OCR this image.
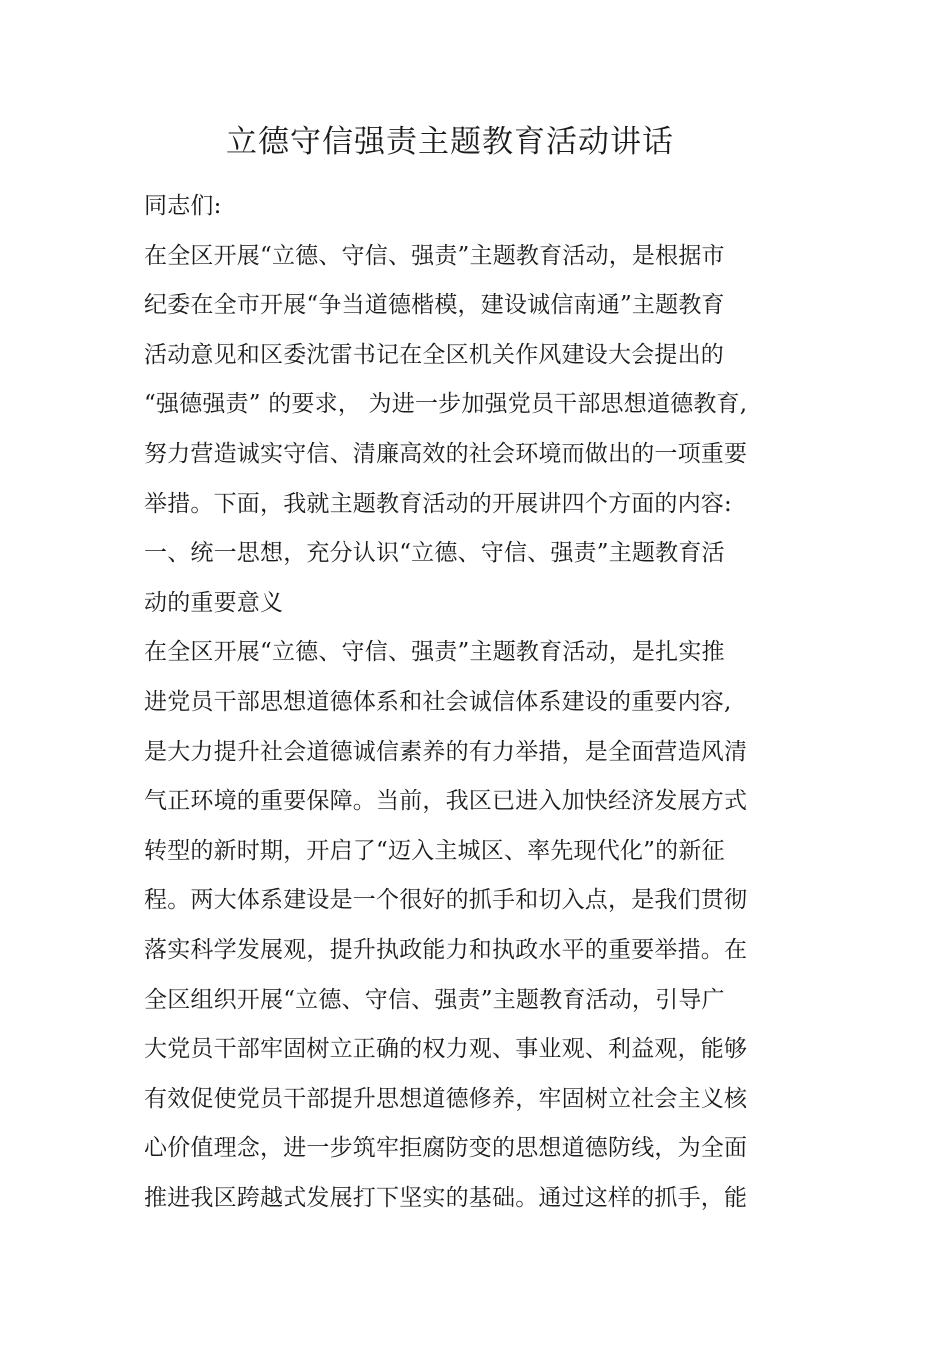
立德守信强责主题教育活动讲话
同志们:
在全区开展“立德、守信、强责”主题教育活动，是根据市
纪委在全市开展“争当道德楷模，建设诚信南通”主题教育
活动意见和区委沈雷书记在全区机关作风建设大会提出的
“强德强责” 的要求， 为进一步加强党员干部思想道德教育,
努力营造诚实守信、清廉高效的社会环境而做出的一项重要
举措。下面，我就主题教育活动的开展讲四个方面的内容:
一、统一思想，充分认识“立德、守信、强责”主题教育活
动的重要意义
在全区开展“立德、守信、强责”主题教育活动，是扎实推
进党员干部思想道德体系和社会诚信体系建设的重要内容,
是大力提升社会道德诚信素养的有力举措，是全面营造风清
气正环境的重要保障。当前，我区已进入加快经济发展方式
转型的新时期，开启了“迈入主城区、率先现代化”的新征
程。两大体系建设是一个很好的抓手和切入点，是我们贯彻
落实科学发展观，提升执政能力和执政水平的重要举措。在
全区组织开展“立德、守信、强责”主题教育活动，引导广
大党员干部牢固树立正确的权力观、事业观、利益观，能够
有效促使党员干部提升思想道德修养，牢固树立社会主义核
心价值理念，进一步筑牢拒腐防变的思想道德防线，为全面
推进我区跨越式发展打下坚实的基础。通过这样的抓手，能
